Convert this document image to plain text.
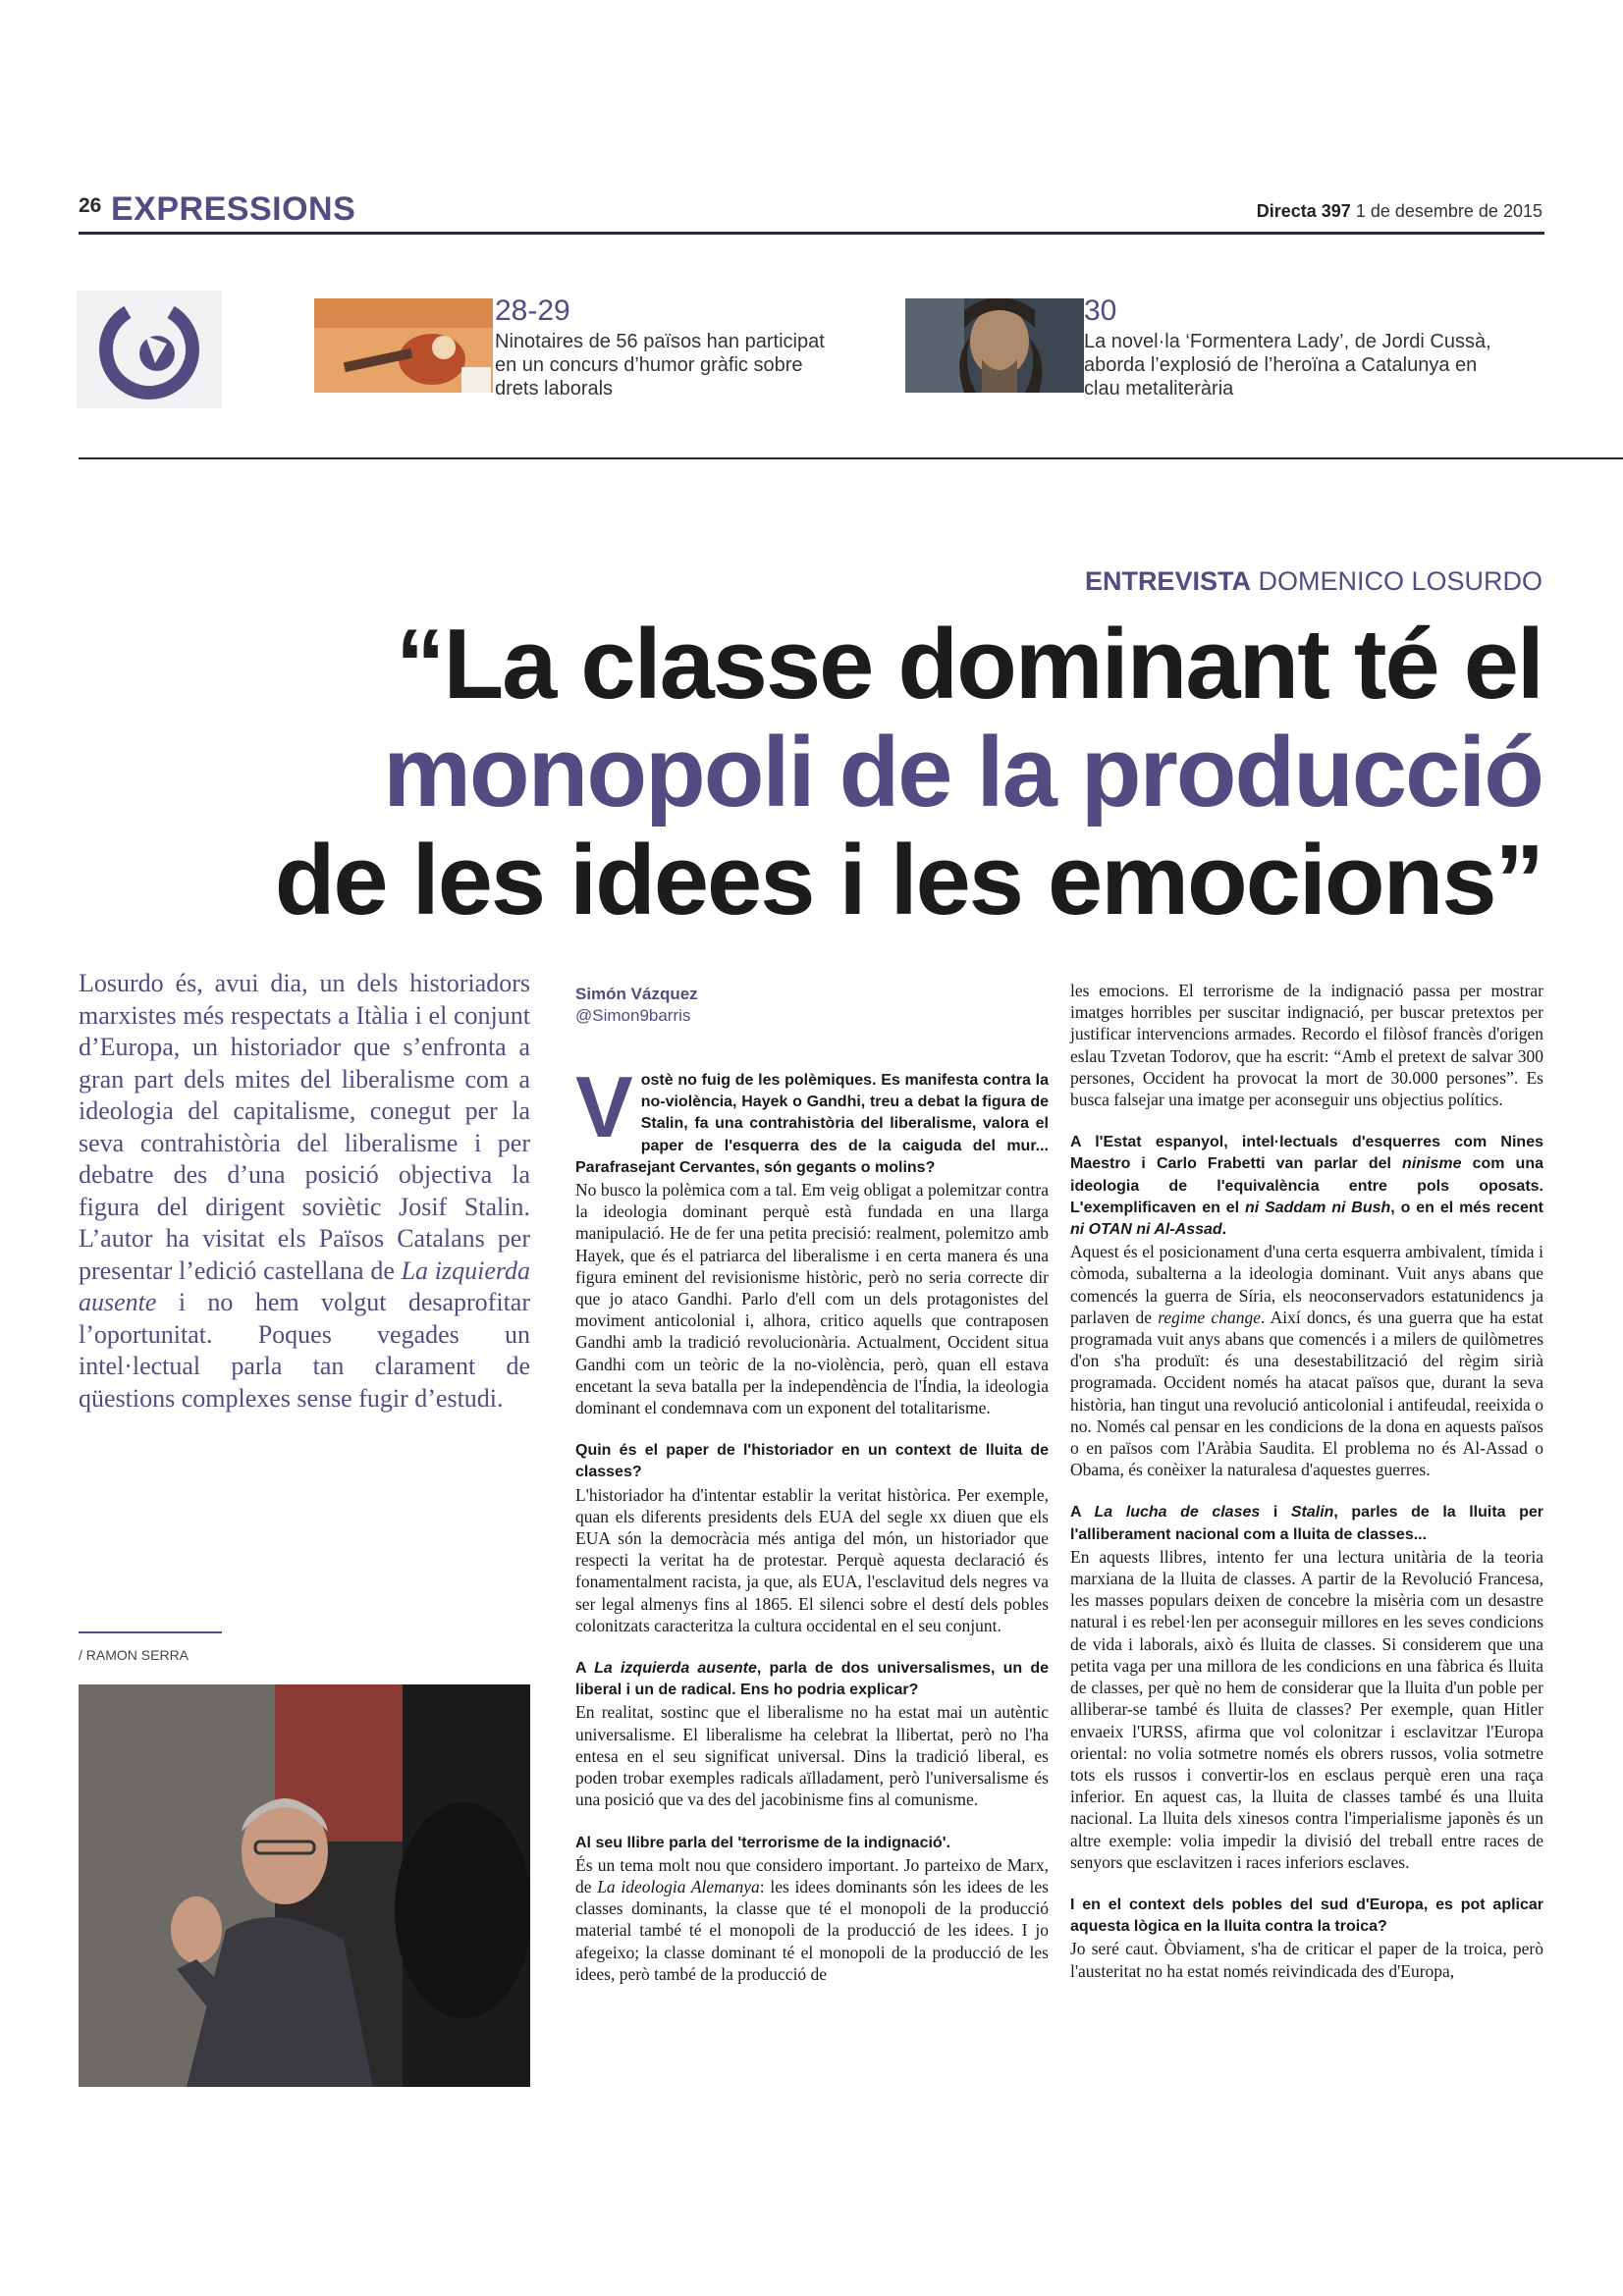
26 EXPRESSIONS	Directa 397 1 de desembre de 2015
28-29
Ninotaires de 56 països han participat en un concurs d’humor gràfic sobre drets laborals
30
La novel·la ‘Formentera Lady’, de Jordi Cussà, aborda l’explosió de l’heroïna a Catalunya en clau metaliterària
ENTREVISTA DOMENICO LOSURDO
“La classe dominant té el
monopoli de la producció
de les idees i les emocions”
Losurdo és, avui dia, un dels historiadors marxistes més respectats a Itàlia i el conjunt d’Europa, un historiador que s’enfronta a gran part dels mites del liberalisme com a ideologia del capitalisme, conegut per la seva contrahistòria del liberalisme i per debatre des d’una posició objectiva la figura del dirigent soviètic Josif Stalin. L’autor ha visitat els Països Catalans per presentar l’edició castellana de La izquierda ausente i no hem volgut desaprofitar l’oportunitat. Poques vegades un intel·lectual parla tan clarament de qüestions complexes sense fugir d’estudi.
/ RAMON SERRA
Simón Vázquez
@Simon9barris
V ostè no fuig de les polèmiques. Es manifesta contra la no-violència, Hayek o Gandhi, treu a debat la figura de Stalin, fa una contrahistòria del liberalisme, valora el paper de l'esquerra des de la caiguda del mur... Parafrasejant Cervantes, són gegants o molins?

No busco la polèmica com a tal. Em veig obligat a polemitzar contra la ideologia dominant perquè està fundada en una llarga manipulació. He de fer una petita precisió: realment, polemitzo amb Hayek, que és el patriarca del liberalisme i en certa manera és una figura eminent del revisionisme històric, però no seria correcte dir que jo ataco Gandhi. Parlo d'ell com un dels protagonistes del moviment anticolonial i, alhora, critico aquells que contraposen Gandhi amb la tradició revolucionària. Actualment, Occident situa Gandhi com un teòric de la no-violència, però, quan ell estava encetant la seva batalla per la independència de l'Índia, la ideologia dominant el condemnava com un exponent del totalitarisme.

Quin és el paper de l'historiador en un context de lluita de classes?

L'historiador ha d'intentar establir la veritat històrica. Per exemple, quan els diferents presidents dels EUA del segle xx diuen que els EUA són la democràcia més antiga del món, un historiador que respecti la veritat ha de protestar. Perquè aquesta declaració és fonamentalment racista, ja que, als EUA, l'esclavitud dels negres va ser legal almenys fins al 1865. El silenci sobre el destí dels pobles colonitzats caracteritza la cultura occidental en el seu conjunt.

A La izquierda ausente, parla de dos universalismes, un de liberal i un de radical. Ens ho podria explicar?

En realitat, sostinc que el liberalisme no ha estat mai un autèntic universalisme. El liberalisme ha celebrat la llibertat, però no l'ha entesa en el seu significat universal. Dins la tradició liberal, es poden trobar exemples radicals aïlladament, però l'universalisme és una posició que va des del jacobinisme fins al comunisme.

Al seu llibre parla del 'terrorisme de la indignació'.

És un tema molt nou que considero important. Jo parteixo de Marx, de La ideologia Alemanya: les idees dominants són les idees de les classes dominants, la classe que té el monopoli de la producció material també té el monopoli de la producció de les idees. I jo afegeixo; la classe dominant té el monopoli de la producció de les idees, però també de la producció de

les emocions. El terrorisme de la indignació passa per mostrar imatges horribles per suscitar indignació, per buscar pretextos per justificar intervencions armades. Recordo el filòsof francès d'origen eslau Tzvetan Todorov, que ha escrit: “Amb el pretext de salvar 300 persones, Occident ha provocat la mort de 30.000 persones”. Es busca falsejar una imatge per aconseguir uns objectius polítics.

A l'Estat espanyol, intel·lectuals d'esquerres com Nines Maestro i Carlo Frabetti van parlar del ninisme com una ideologia de l'equivalència entre pols oposats. L'exemplificaven en el ni Saddam ni Bush, o en el més recent ni OTAN ni Al-Assad.

Aquest és el posicionament d'una certa esquerra ambivalent, tímida i còmoda, subalterna a la ideologia dominant. Vuit anys abans que comencés la guerra de Síria, els neoconservadors estatunidencs ja parlaven de regime change. Així doncs, és una guerra que ha estat programada vuit anys abans que comencés i a milers de quilòmetres d'on s'ha produït: és una desestabilització del règim sirià programada. Occident només ha atacat països que, durant la seva història, han tingut una revolució anticolonial i antifeudal, reeixida o no. Només cal pensar en les condicions de la dona en aquests països o en països com l'Aràbia Saudita. El problema no és Al-Assad o Obama, és conèixer la naturalesa d'aquestes guerres.

A La lucha de clases i Stalin, parles de la lluita per l'alliberament nacional com a lluita de classes...

En aquests llibres, intento fer una lectura unitària de la teoria marxiana de la lluita de classes. A partir de la Revolució Francesa, les masses populars deixen de concebre la misèria com un desastre natural i es rebel·len per aconseguir millores en les seves condicions de vida i laborals, això és lluita de classes. Si considerem que una petita vaga per una millora de les condicions en una fàbrica és lluita de classes, per què no hem de considerar que la lluita d'un poble per alliberar-se també és lluita de classes? Per exemple, quan Hitler envaeix l'URSS, afirma que vol colonitzar i esclavitzar l'Europa oriental: no volia sotmetre només els obrers russos, volia sotmetre tots els russos i convertir-los en esclaus perquè eren una raça inferior. En aquest cas, la lluita de classes també és una lluita nacional. La lluita dels xinesos contra l'imperialisme japonès és un altre exemple: volia impedir la divisió del treball entre races de senyors que esclavitzen i races inferiors esclaves.

I en el context dels pobles del sud d'Europa, es pot aplicar aquesta lògica en la lluita contra la troica?

Jo seré caut. Òbviament, s'ha de criticar el paper de la troica, però l'austeritat no ha estat només reivindicada des d'Europa,
